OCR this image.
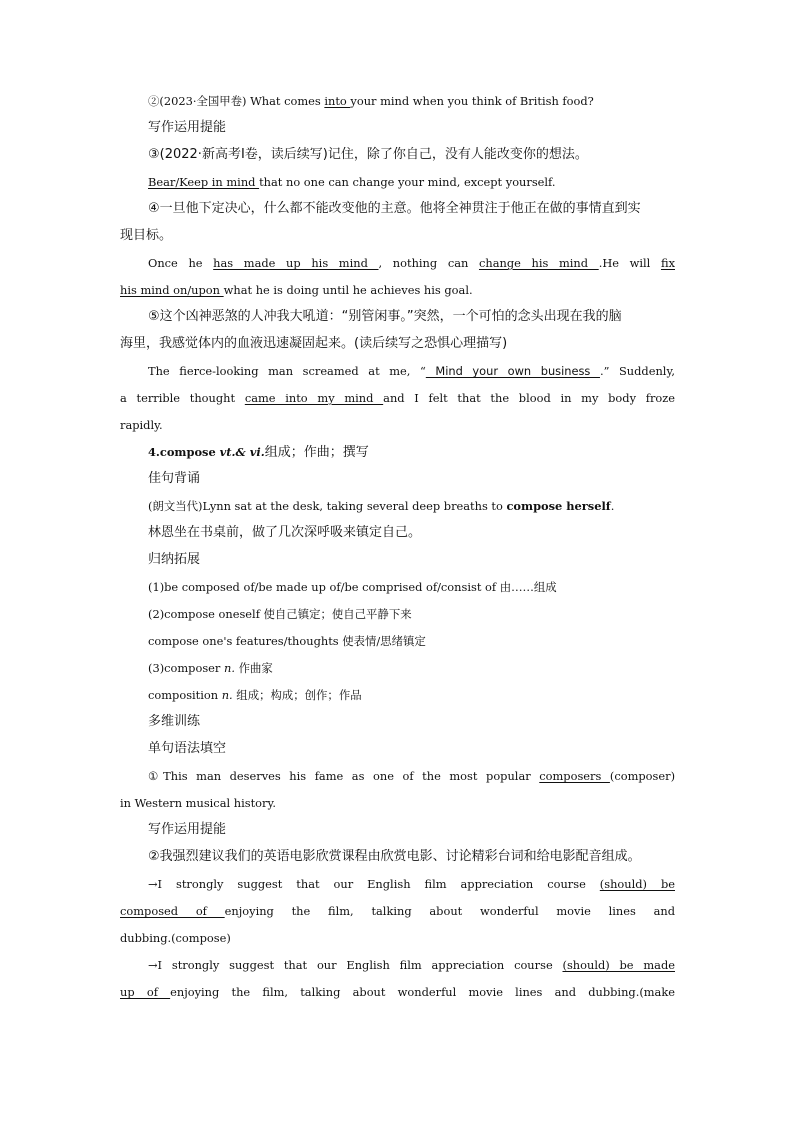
②(2023·全国甲卷) What comes into your mind when you think of British food?
写作运用提能
③(2022·新高考Ⅰ卷，读后续写)记住，除了你自己，没有人能改变你的想法。
Bear/Keep in mind that no one can change your mind, except yourself.
④一旦他下定决心，什么都不能改变他的主意。他将全神贯注于他正在做的事情直到实
现目标。
Once he has made up his mind , nothing can change his mind .He will fix
his mind on/upon what he is doing until he achieves his goal.
⑤这个凶神恶煞的人冲我大吼道：“别管闲事。”突然，一个可怕的念头出现在我的脑
海里，我感觉体内的血液迅速凝固起来。(读后续写之恐惧心理描写)
The fierce-looking man screamed at me, “ Mind your own business .” Suddenly,
a terrible thought came into my mind and I felt that the blood in my body froze
rapidly.
4.compose vt.& vi.组成；作曲；撰写
佳句背诵
(朗文当代)Lynn sat at the desk, taking several deep breaths to compose herself.
林恩坐在书桌前，做了几次深呼吸来镇定自己。
归纳拓展
(1)be composed of/be made up of/be comprised of/consist of 由……组成
(2)compose oneself 使自己镇定；使自己平静下来
compose one's features/thoughts 使表情/思绪镇定
(3)composer n. 作曲家
composition n. 组成；构成；创作；作品
多维训练
单句语法填空
①This man deserves his fame as one of the most popular composers (composer)
in Western musical history.
写作运用提能
②我强烈建议我们的英语电影欣赏课程由欣赏电影、讨论精彩台词和给电影配音组成。
→I strongly suggest that our English film appreciation course (should) be
composed of enjoying the film, talking about wonderful movie lines and
dubbing.(compose)
→I strongly suggest that our English film appreciation course (should) be made
up of enjoying the film, talking about wonderful movie lines and dubbing.(make
